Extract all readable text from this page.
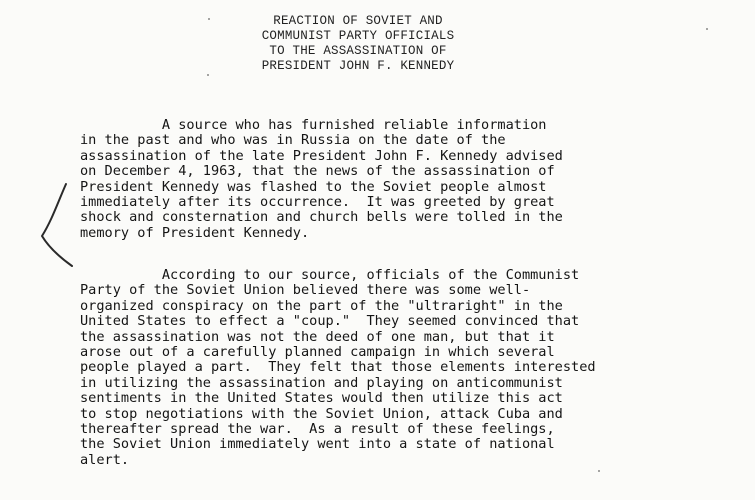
REACTION OF SOVIET AND
COMMUNIST PARTY OFFICIALS
TO THE ASSASSINATION OF
PRESIDENT JOHN F. KENNEDY
A source who has furnished reliable information
in the past and who was in Russia on the date of the
assassination of the late President John F. Kennedy advised
on December 4, 1963, that the news of the assassination of
President Kennedy was flashed to the Soviet people almost
immediately after its occurrence.  It was greeted by great
shock and consternation and church bells were tolled in the
memory of President Kennedy.
According to our source, officials of the Communist
Party of the Soviet Union believed there was some well-
organized conspiracy on the part of the "ultraright" in the
United States to effect a "coup."  They seemed convinced that
the assassination was not the deed of one man, but that it
arose out of a carefully planned campaign in which several
people played a part.  They felt that those elements interested
in utilizing the assassination and playing on anticommunist
sentiments in the United States would then utilize this act
to stop negotiations with the Soviet Union, attack Cuba and
thereafter spread the war.  As a result of these feelings,
the Soviet Union immediately went into a state of national
alert.
